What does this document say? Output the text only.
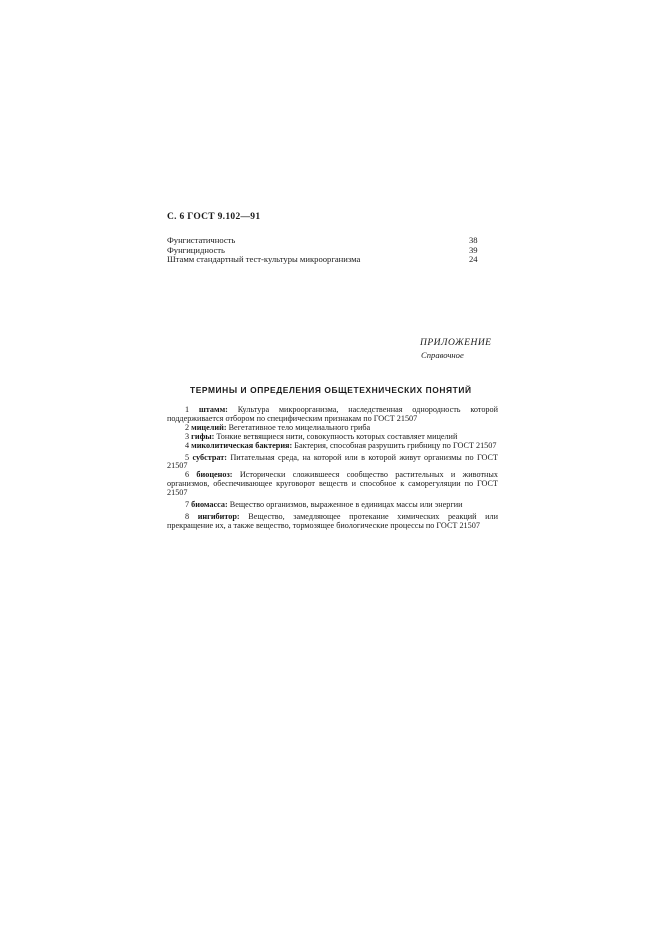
С. 6 ГОСТ 9.102—91
Фунгистатичность	38
Фунгицидность	39
Штамм стандартный тест-культуры микроорганизма	24
ПРИЛОЖЕНИЕ
Справочное
ТЕРМИНЫ И ОПРЕДЕЛЕНИЯ ОБЩЕТЕХНИЧЕСКИХ ПОНЯТИЙ

1 штамм: Культура микроорганизма, наследственная однородность которой поддерживается отбором по специфическим признакам по ГОСТ 21507

2 мицелий: Вегетативное тело мицелиального гриба

3 гифы: Тонкие ветвящиеся нити, совокупность которых составляет мицелий

4 миколитическая бактерия: Бактерия, способная разрушить грибницу по ГОСТ 21507

5 субстрат: Питательная среда, на которой или в которой живут организмы по ГОСТ 21507

6 биоценоз: Исторически сложившееся сообщество растительных и животных организмов, обеспечивающее круговорот веществ и способное к саморегуляции по ГОСТ 21507

7 биомасса: Вещество организмов, выраженное в единицах массы или энергии

8 ингибитор: Вещество, замедляющее протекание химических реакций или прекращение их, а также вещество, тормозящее биологические процессы по ГОСТ 21507
